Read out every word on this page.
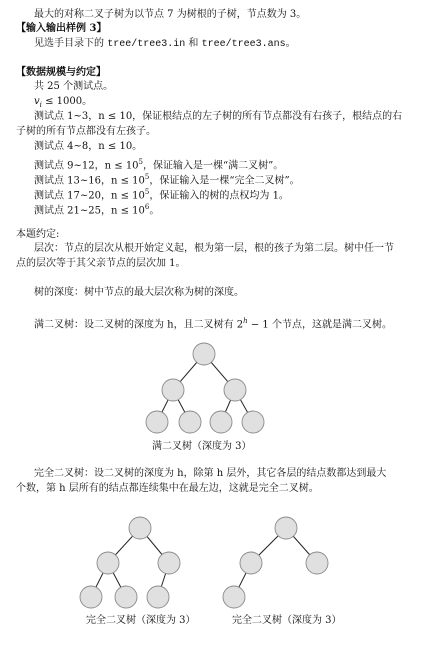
最大的对称二叉子树为以节点 7 为树根的子树，节点数为 3。
【输入输出样例 3】
见选手目录下的 tree/tree3.in 和 tree/tree3.ans。
【数据规模与约定】
共 25 个测试点。
$v_i \le 1000$。
测试点 1~3，n ≤ 10，保证根结点的左子树的所有节点都没有右孩子，根结点的右
子树的所有节点都没有左孩子。
测试点 4~8，n ≤ 10。
测试点 9~12，$n \le 10^5$，保证输入是一棵“满二叉树”。
测试点 13~16，$n \le 10^5$，保证输入是一棵“完全二叉树”。
测试点 17~20，$n \le 10^5$，保证输入的树的点权均为 1。
测试点 21~25，$n \le 10^6$。
本题约定:
层次：节点的层次从根开始定义起，根为第一层，根的孩子为第二层。树中任一节
点的层次等于其父亲节点的层次加 1。
树的深度：树中节点的最大层次称为树的深度。
满二叉树：设二叉树的深度为 h，且二叉树有 $2^h - 1$ 个节点，这就是满二叉树。
满二叉树（深度为 3）
完全二叉树：设二叉树的深度为 h，除第 h 层外，其它各层的结点数都达到最大
个数，第 h 层所有的结点都连续集中在最左边，这就是完全二叉树。
完全二叉树（深度为 3）	完全二叉树（深度为 3）
